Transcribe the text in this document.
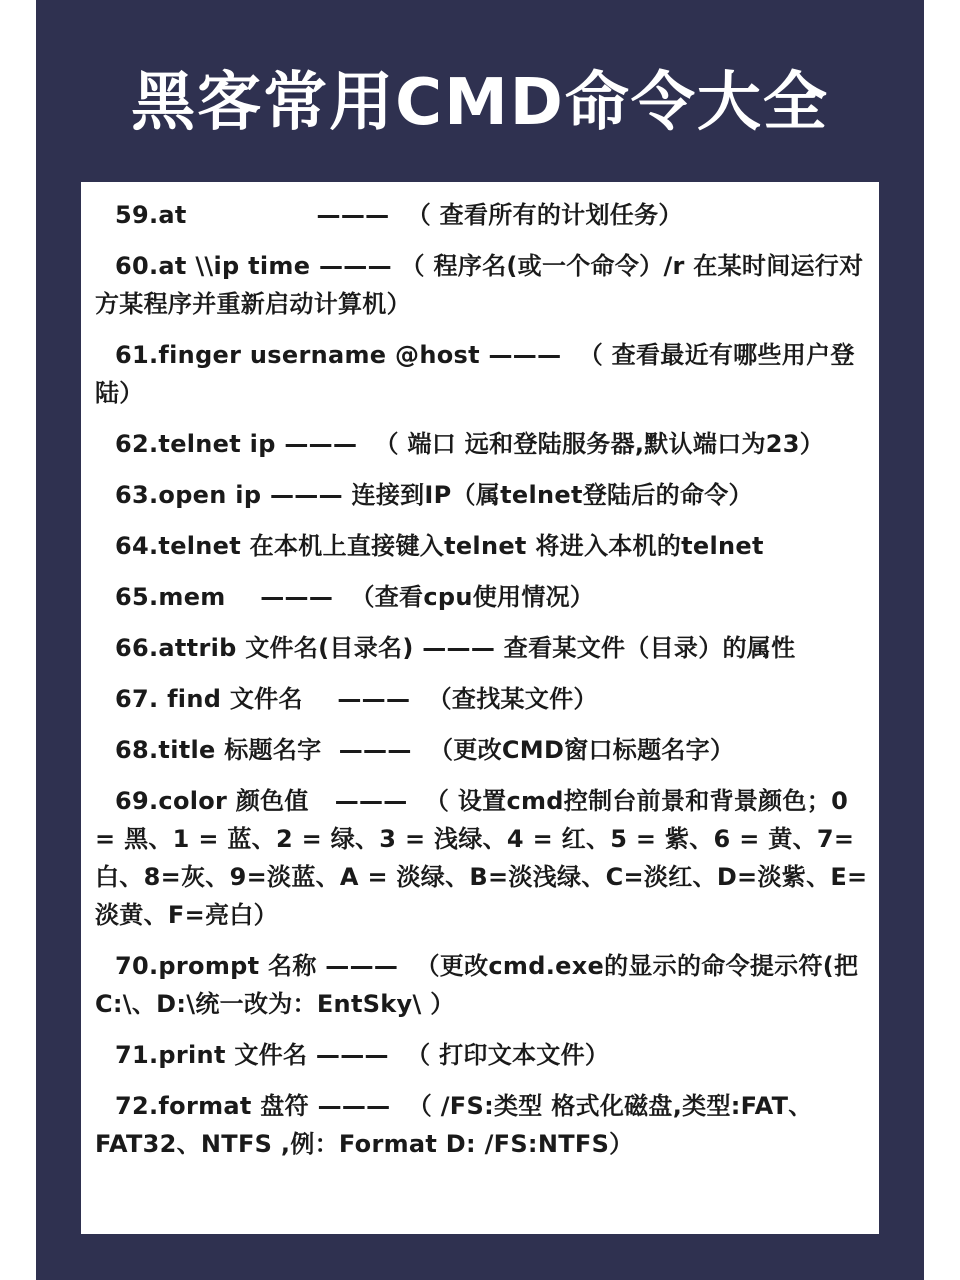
黑客常用CMD命令大全

59.at               ———  （ 查看所有的计划任务）

60.at \\ip time ——— （ 程序名(或一个命令）/r 在某时间运行对方某程序并重新启动计算机）

61.finger username @host ———  （ 查看最近有哪些用户登陆）

62.telnet ip ———  （ 端口 远和登陆服务器,默认端口为23）

63.open ip ——— 连接到IP（属telnet登陆后的命令）

64.telnet 在本机上直接键入telnet 将进入本机的telnet

65.mem    ———  （查看cpu使用情况）

66.attrib 文件名(目录名) ——— 查看某文件（目录）的属性

67. find 文件名    ———  （查找某文件）

68.title 标题名字  ———  （更改CMD窗口标题名字）

69.color 颜色值   ———  （ 设置cmd控制台前景和背景颜色；0 = 黑、1 = 蓝、2 = 绿、3 = 浅绿、4 = 红、5 = 紫、6 = 黄、7=白、8=灰、9=淡蓝、A = 淡绿、B=淡浅绿、C=淡红、D=淡紫、E=淡黄、F=亮白）

70.prompt 名称 ———  （更改cmd.exe的显示的命令提示符(把C:\、D:\统一改为：EntSky\ ）

71.print 文件名 ———  （ 打印文本文件）

72.format 盘符 ———  （ /FS:类型 格式化磁盘,类型:FAT、FAT32、NTFS ,例：Format D: /FS:NTFS）
